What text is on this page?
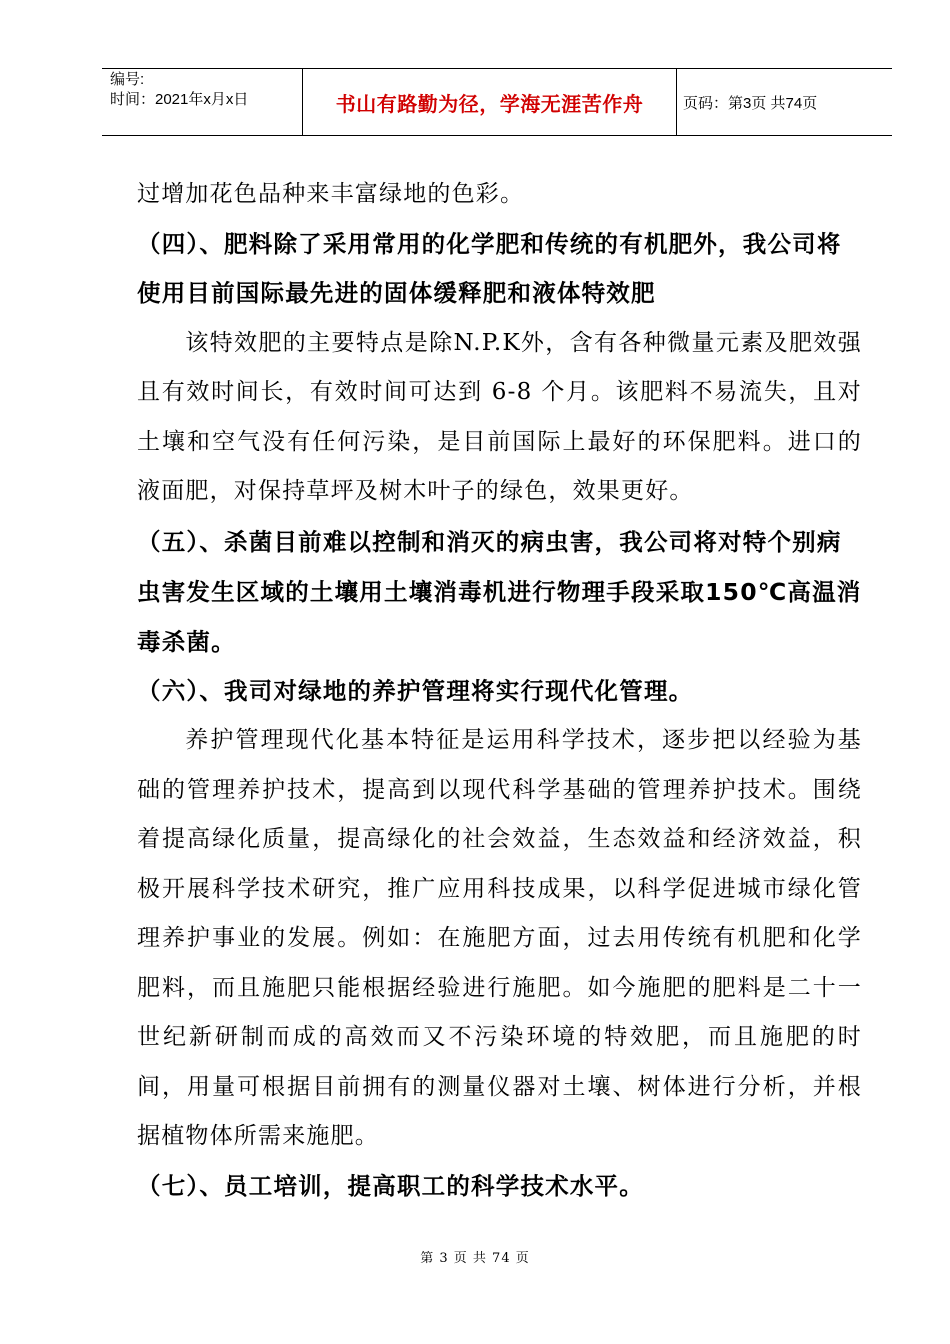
编号:
时间：2021年x月x日	书山有路勤为径，学海无涯苦作舟	页码：第3页 共74页

过增加花色品种来丰富绿地的色彩。

（四）、肥料除了采用常用的化学肥和传统的有机肥外，我公司将使用目前国际最先进的固体缓释肥和液体特效肥

该特效肥的主要特点是除N.P.K外，含有各种微量元素及肥效强且有效时间长，有效时间可达到 6-8 个月。该肥料不易流失，且对土壤和空气没有任何污染，是目前国际上最好的环保肥料。进口的液面肥，对保持草坪及树木叶子的绿色，效果更好。

（五）、杀菌目前难以控制和消灭的病虫害，我公司将对特个别病虫害发生区域的土壤用土壤消毒机进行物理手段采取150℃高温消毒杀菌。

（六）、我司对绿地的养护管理将实行现代化管理。

养护管理现代化基本特征是运用科学技术，逐步把以经验为基础的管理养护技术，提高到以现代科学基础的管理养护技术。围绕着提高绿化质量，提高绿化的社会效益，生态效益和经济效益，积极开展科学技术研究，推广应用科技成果，以科学促进城市绿化管理养护事业的发展。例如：在施肥方面，过去用传统有机肥和化学肥料，而且施肥只能根据经验进行施肥。如今施肥的肥料是二十一世纪新研制而成的高效而又不污染环境的特效肥，而且施肥的时间，用量可根据目前拥有的测量仪器对土壤、树体进行分析，并根据植物体所需来施肥。

（七）、员工培训，提高职工的科学技术水平。

第 3 页 共 74 页
